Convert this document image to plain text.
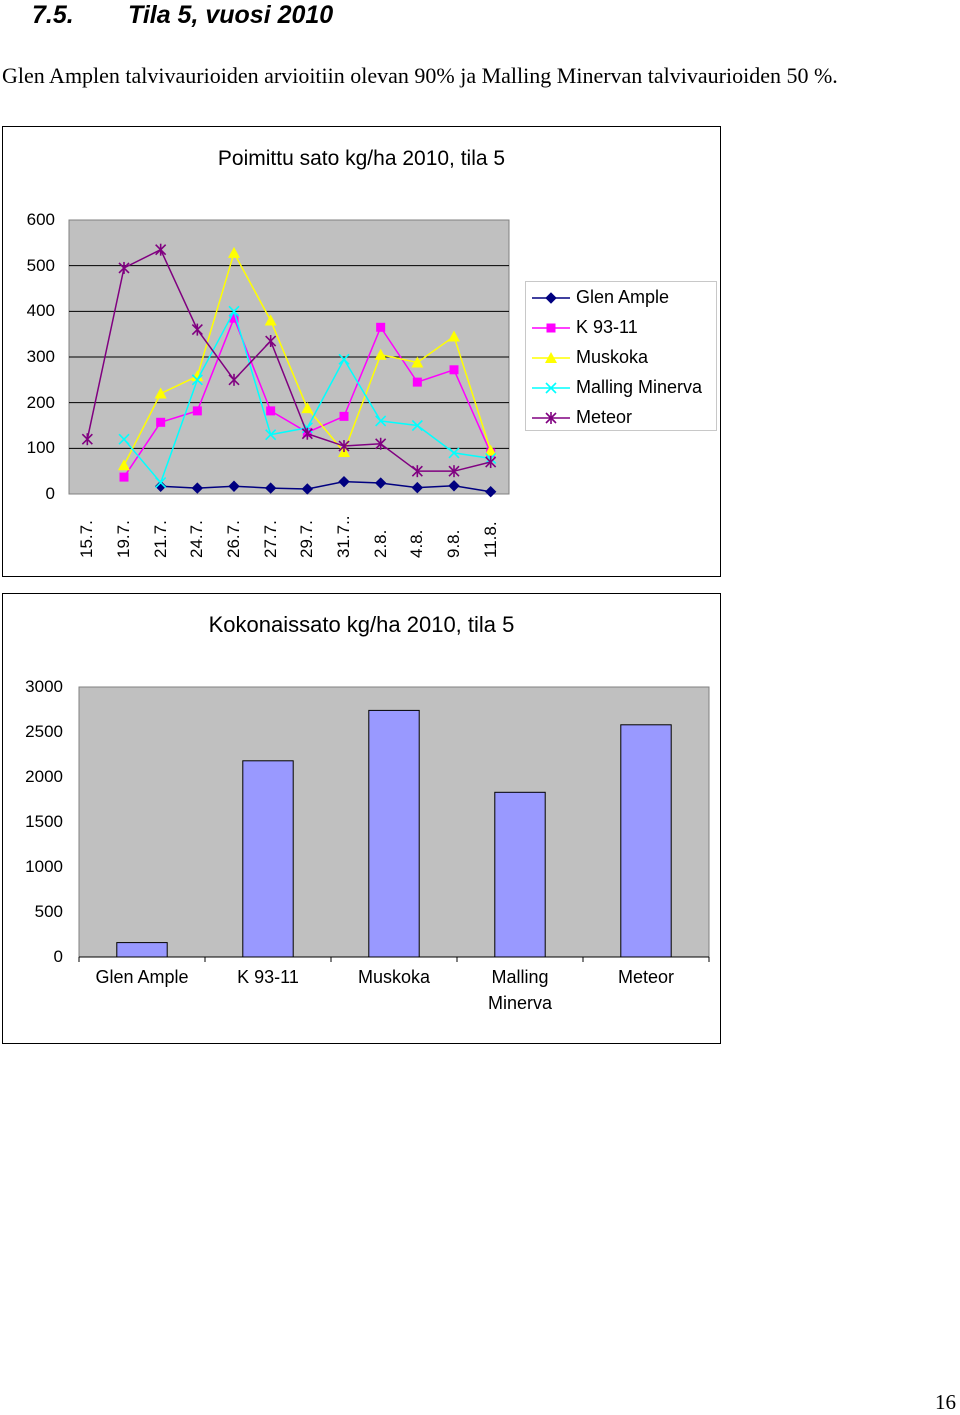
7.5. Tila 5, vuosi 2010

Glen Amplen talvivaurioiden arvioitiin olevan 90% ja Malling Minervan talvivaurioiden 50 %.

Poimittu sato kg/ha 2010, tila 5
0
100
200
300
400
500
600
15.7. 19.7. 21.7. 24.7. 26.7. 27.7. 29.7. 31.7.. 2.8. 4.8. 9.8. 11.8.
Glen Ample
K 93-11
Muskoka
Malling Minerva
Meteor
Kokonaissato kg/ha 2010, tila 5
0
500
1000
1500
2000
2500
3000
Glen Ample	K 93-11	Muskoka	Malling
Minerva
Meteor
16
